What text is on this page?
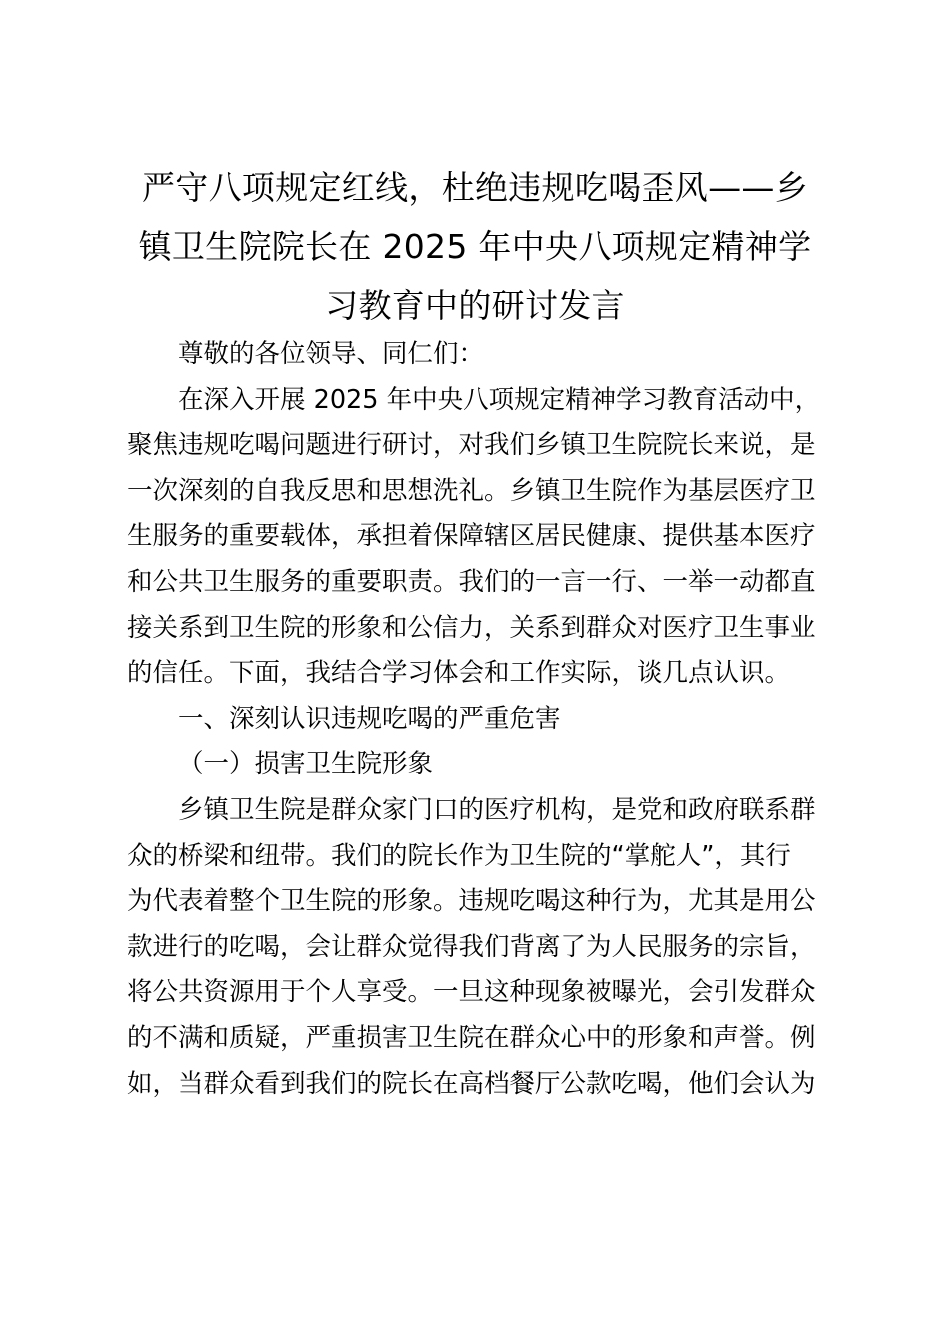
严守八项规定红线，杜绝违规吃喝歪风——乡
镇卫生院院长在 2025 年中央八项规定精神学
习教育中的研讨发言

尊敬的各位领导、同仁们：

在深入开展 2025 年中央八项规定精神学习教育活动中，
聚焦违规吃喝问题进行研讨，对我们乡镇卫生院院长来说，是
一次深刻的自我反思和思想洗礼。乡镇卫生院作为基层医疗卫
生服务的重要载体，承担着保障辖区居民健康、提供基本医疗
和公共卫生服务的重要职责。我们的一言一行、一举一动都直
接关系到卫生院的形象和公信力，关系到群众对医疗卫生事业
的信任。下面，我结合学习体会和工作实际，谈几点认识。

一、深刻认识违规吃喝的严重危害

（一）损害卫生院形象

乡镇卫生院是群众家门口的医疗机构，是党和政府联系群
众的桥梁和纽带。我们的院长作为卫生院的“掌舵人”，其行
为代表着整个卫生院的形象。违规吃喝这种行为，尤其是用公
款进行的吃喝，会让群众觉得我们背离了为人民服务的宗旨，
将公共资源用于个人享受。一旦这种现象被曝光，会引发群众
的不满和质疑，严重损害卫生院在群众心中的形象和声誉。例
如，当群众看到我们的院长在高档餐厅公款吃喝，他们会认为
